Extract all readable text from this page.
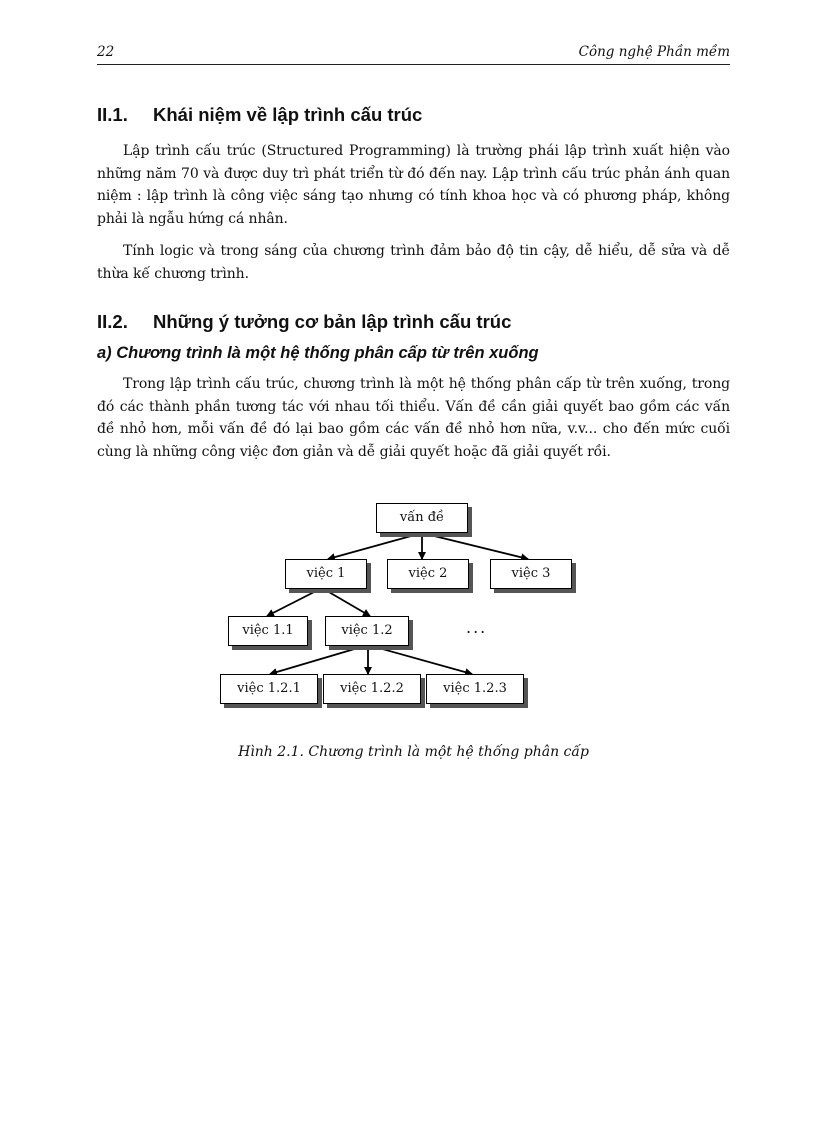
22	Công nghệ Phần mềm
II.1. Khái niệm về lập trình cấu trúc

Lập trình cấu trúc (Structured Programming) là trường phái lập trình xuất hiện vào những năm 70 và được duy trì phát triển từ đó đến nay. Lập trình cấu trúc phản ánh quan niệm : lập trình là công việc sáng tạo nhưng có tính khoa học và có phương pháp, không phải là ngẫu hứng cá nhân.

Tính logic và trong sáng của chương trình đảm bảo độ tin cậy, dễ hiểu, dễ sửa và dễ thừa kế chương trình.

II.2. Những ý tưởng cơ bản lập trình cấu trúc
a) Chương trình là một hệ thống phân cấp từ trên xuống

Trong lập trình cấu trúc, chương trình là một hệ thống phân cấp từ trên xuống, trong đó các thành phần tương tác với nhau tối thiểu. Vấn đề cần giải quyết bao gồm các vấn đề nhỏ hơn, mỗi vấn đề đó lại bao gồm các vấn đề nhỏ hơn nữa, v.v... cho đến mức cuối cùng là những công việc đơn giản và dễ giải quyết hoặc đã giải quyết rồi.

vấn đề
việc 1	việc 2	việc 3
việc 1.1	việc 1.2	...
việc 1.2.1	việc 1.2.2	việc 1.2.3
Hình 2.1. Chương trình là một hệ thống phân cấp
